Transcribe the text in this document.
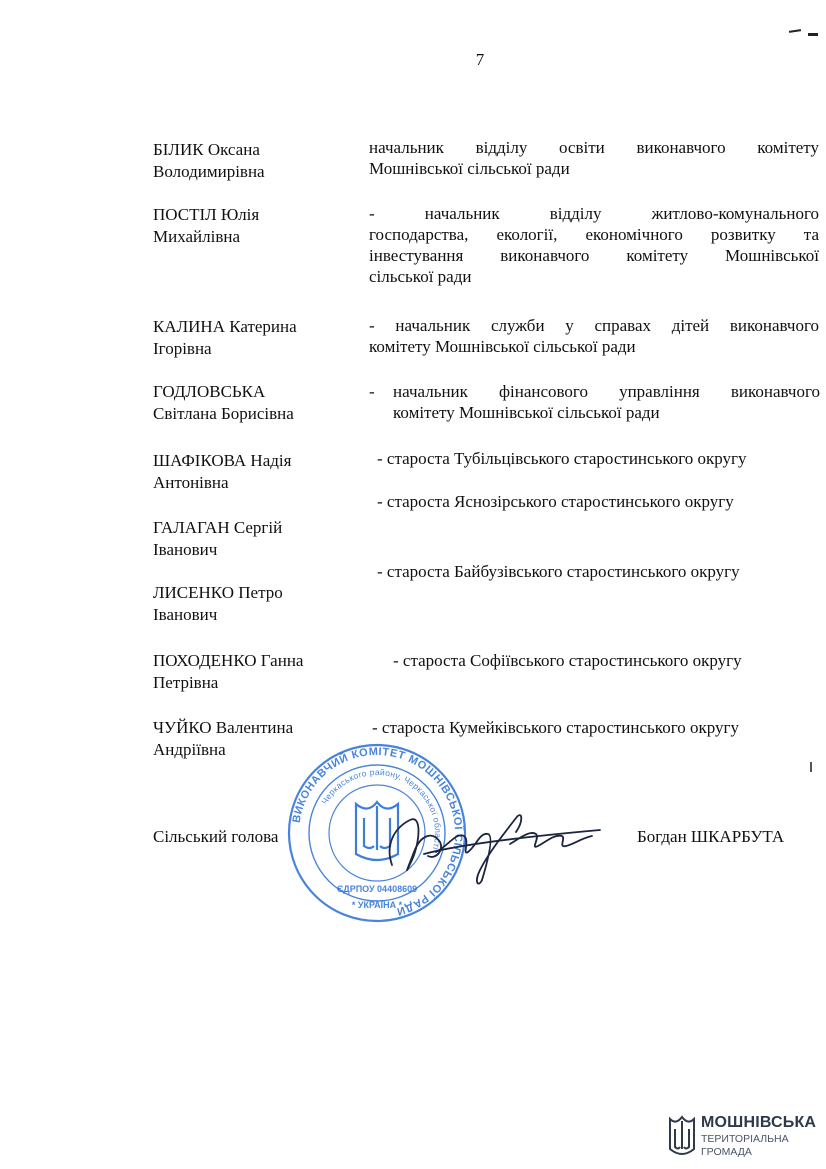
7
БІЛИК Оксана
Володимирівна
начальник відділу освіти виконавчого комітету
Мошнівської сільської ради
ПОСТІЛ Юлія
Михайлівна
- начальник відділу житлово-комунального
господарства, екології, економічного розвитку та
інвестування виконавчого комітету Мошнівської
сільської ради
КАЛИНА Катерина
Ігорівна
- начальник служби у справах дітей виконавчого
комітету Мошнівської сільської ради
ГОДЛОВСЬКА
Світлана Борисівна
- начальник фінансового управління виконавчого
комітету Мошнівської сільської ради
ШАФІКОВА Надія
Антонівна
- староста Тубільцівського старостинського округу
- староста Яснозірського старостинського округу
ГАЛАГАН Сергій
Іванович
- староста Байбузівського старостинського округу
ЛИСЕНКО Петро
Іванович
ПОХОДЕНКО Ганна
Петрівна
- староста Софіївського старостинського округу
ЧУЙКО Валентина
Андріївна
- староста Кумейківського старостинського округу
ВИКОНАВЧИЙ КОМІТЕТ МОШНІВСЬКОЇ СІЛЬСЬКОЇ РАДИ
Черкаського району, Черкаської області
ЄДРПОУ 04408609
* УКРАЇНА *
Сільський голова	Богдан ШКАРБУТА
МОШНІВСЬКА
ТЕРИТОРІАЛЬНА
ГРОМАДА
